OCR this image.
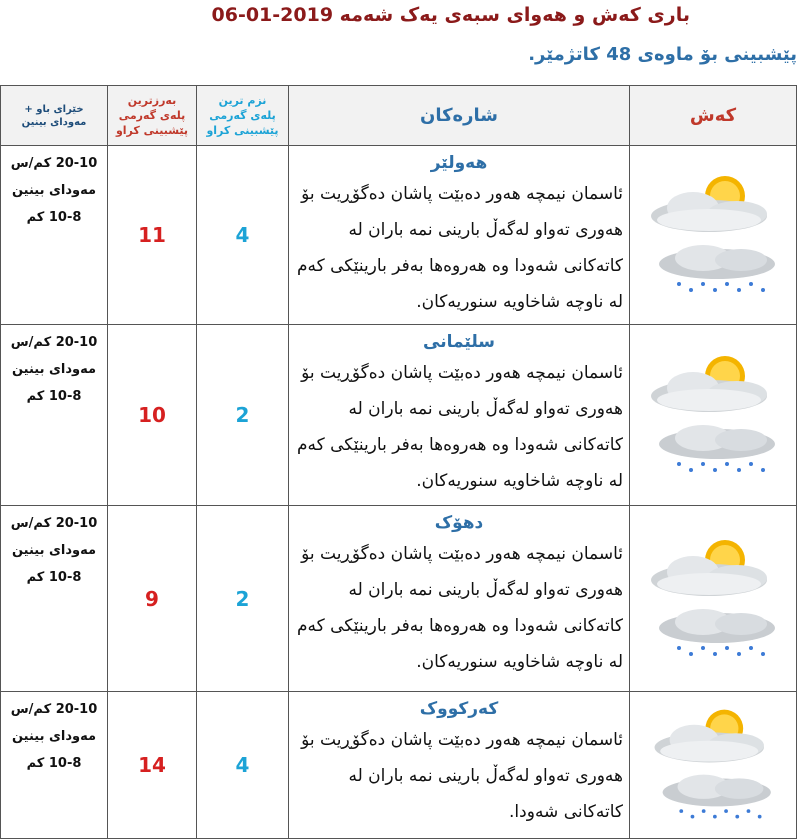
باری کەش و هەوای سبەی یەک شەمە 2019-01-06
پێشبینی بۆ ماوەی 48 کاتژمێر.
خێرای باو +
مەودای بینین	بەرزترین
پلەی گەرمی
پێشبینی کراو	نزم ترین
پلەی گەرمی
پێشبینی کراو	شارەکان	کەش

20-10 کم/س
مەودای بینین
10-8 کم	11	4	هەولێر
ئاسمان نیمچە هەور دەبێت پاشان دەگۆڕیت بۆ هەوری تەواو لەگەڵ بارینی نمە باران لە کاتەکانی شەودا وە هەروەها بەفر بارینێکی کەم لە ناوچە شاخاویە سنوریەکان.

20-10 کم/س
مەودای بینین
10-8 کم	10	2	سلێمانی
ئاسمان نیمچە هەور دەبێت پاشان دەگۆڕیت بۆ هەوری تەواو لەگەڵ بارینی نمە باران لە کاتەکانی شەودا وە هەروەها بەفر بارینێکی کەم لە ناوچە شاخاویە سنوریەکان.

20-10 کم/س
مەودای بینین
10-8 کم	9	2	دهۆک
ئاسمان نیمچە هەور دەبێت پاشان دەگۆڕیت بۆ هەوری تەواو لەگەڵ بارینی نمە باران لە کاتەکانی شەودا وە هەروەها بەفر بارینێکی کەم لە ناوچە شاخاویە سنوریەکان.

20-10 کم/س
مەودای بینین
10-8 کم	14	4	کەرکووک
ئاسمان نیمچە هەور دەبێت پاشان دەگۆڕیت بۆ هەوری تەواو لەگەڵ بارینی نمە باران لە کاتەکانی شەودا.
